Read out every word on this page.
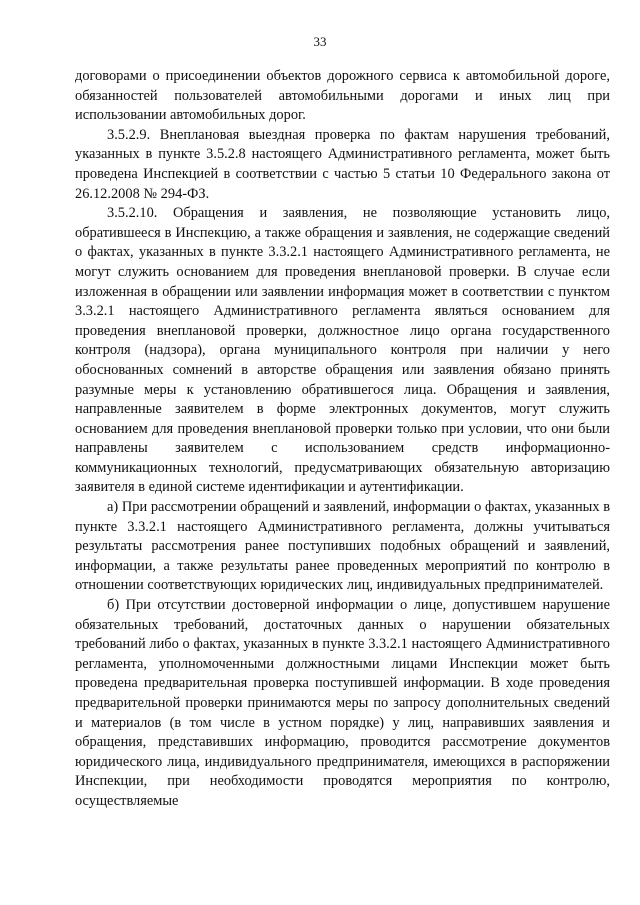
33

договорами о присоединении объектов дорожного сервиса к автомобильной дороге, обязанностей пользователей автомобильными дорогами и иных лиц при использовании автомобильных дорог.

3.5.2.9. Внеплановая выездная проверка по фактам нарушения требований, указанных в пункте 3.5.2.8 настоящего Административного регламента, может быть проведена Инспекцией в соответствии с частью 5 статьи 10 Федерального закона от 26.12.2008 № 294-ФЗ.

3.5.2.10. Обращения и заявления, не позволяющие установить лицо, обратившееся в Инспекцию, а также обращения и заявления, не содержащие сведений о фактах, указанных в пункте 3.3.2.1 настоящего Административного регламента, не могут служить основанием для проведения внеплановой проверки. В случае если изложенная в обращении или заявлении информация может в соответствии с пунктом 3.3.2.1 настоящего Административного регламента являться основанием для проведения внеплановой проверки, должностное лицо органа государственного контроля (надзора), органа муниципального контроля при наличии у него обоснованных сомнений в авторстве обращения или заявления обязано принять разумные меры к установлению обратившегося лица. Обращения и заявления, направленные заявителем в форме электронных документов, могут служить основанием для проведения внеплановой проверки только при условии, что они были направлены заявителем с использованием средств информационно-коммуникационных технологий, предусматривающих обязательную авторизацию заявителя в единой системе идентификации и аутентификации.

а) При рассмотрении обращений и заявлений, информации о фактах, указанных в пункте 3.3.2.1 настоящего Административного регламента, должны учитываться результаты рассмотрения ранее поступивших подобных обращений и заявлений, информации, а также результаты ранее проведенных мероприятий по контролю в отношении соответствующих юридических лиц, индивидуальных предпринимателей.

б) При отсутствии достоверной информации о лице, допустившем нарушение обязательных требований, достаточных данных о нарушении обязательных требований либо о фактах, указанных в пункте 3.3.2.1 настоящего Административного регламента, уполномоченными должностными лицами Инспекции может быть проведена предварительная проверка поступившей информации. В ходе проведения предварительной проверки принимаются меры по запросу дополнительных сведений и материалов (в том числе в устном порядке) у лиц, направивших заявления и обращения, представивших информацию, проводится рассмотрение документов юридического лица, индивидуального предпринимателя, имеющихся в распоряжении Инспекции, при необходимости проводятся мероприятия по контролю, осуществляемые
